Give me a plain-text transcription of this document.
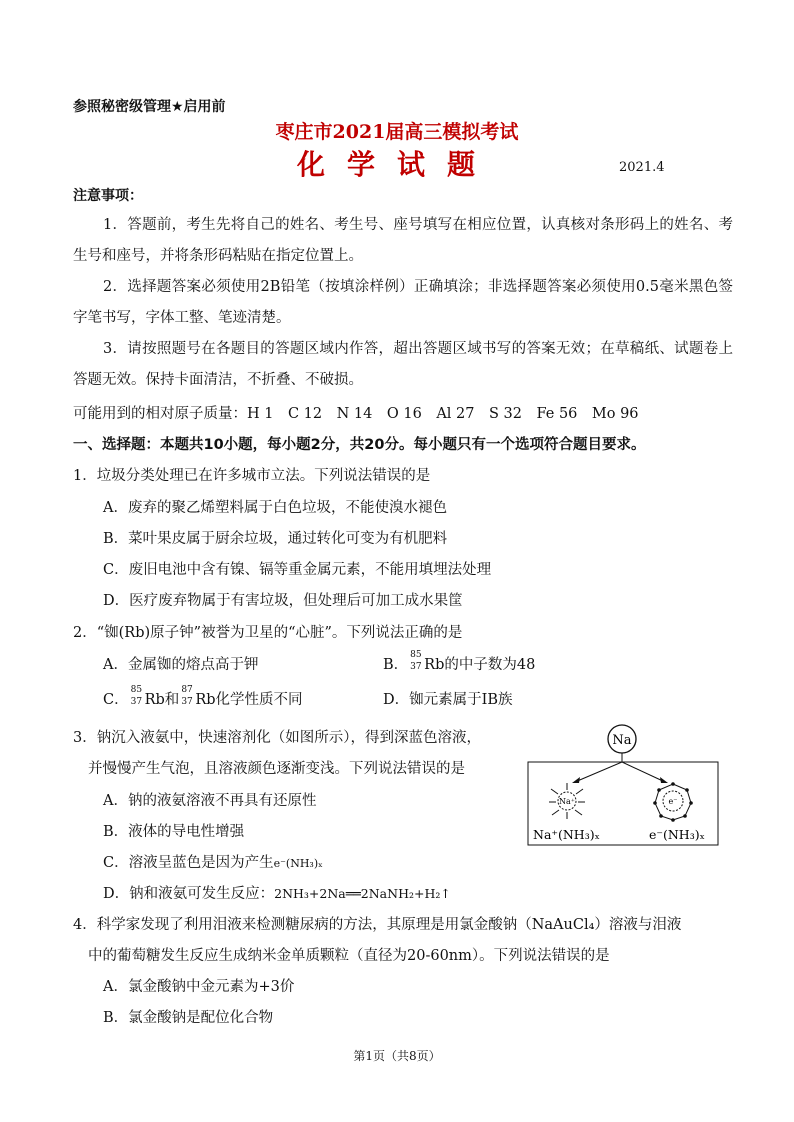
参照秘密级管理★启用前
枣庄市2021届高三模拟考试
化学试题	2021.4
注意事项：
1．答题前，考生先将自己的姓名、考生号、座号填写在相应位置，认真核对条形码上的姓名、考生号和座号，并将条形码粘贴在指定位置上。
2．选择题答案必须使用2B铅笔（按填涂样例）正确填涂；非选择题答案必须使用0.5毫米黑色签字笔书写，字体工整、笔迹清楚。
3．请按照题号在各题目的答题区域内作答，超出答题区域书写的答案无效；在草稿纸、试题卷上答题无效。保持卡面清洁，不折叠、不破损。
可能用到的相对原子质量：H 1　C 12　N 14　O 16　Al 27　S 32　Fe 56　Mo 96
一、选择题：本题共10小题，每小题2分，共20分。每小题只有一个选项符合题目要求。
1．垃圾分类处理已在许多城市立法。下列说法错误的是
A．废弃的聚乙烯塑料属于白色垃圾，不能使溴水褪色
B．菜叶果皮属于厨余垃圾，通过转化可变为有机肥料
C．废旧电池中含有镍、镉等重金属元素，不能用填埋法处理
D．医疗废弃物属于有害垃圾，但处理后可加工成水果筐
2．“铷(Rb)原子钟”被誉为卫星的“心脏”。下列说法正确的是
A．金属铷的熔点高于钾	B．
85
37 Rb的中子数为48
C．
85
37 Rb和
87
37 Rb化学性质不同	D．铷元素属于ⅠB族
3．钠沉入液氨中，快速溶剂化（如图所示），得到深蓝色溶液，
并慢慢产生气泡，且溶液颜色逐渐变浅。下列说法错误的是
A．钠的液氨溶液不再具有还原性
B．液体的导电性增强
C．溶液呈蓝色是因为产生e⁻(NH₃)ₓ
D．钠和液氨可发生反应：2NH₃+2Na══2NaNH₂+H₂↑
Na
Na⁺	e⁻
Na⁺(NH₃)ₓ	e⁻(NH₃)ₓ
4．科学家发现了利用泪液来检测糖尿病的方法，其原理是用氯金酸钠（NaAuCl₄）溶液与泪液
中的葡萄糖发生反应生成纳米金单质颗粒（直径为20-60nm）。下列说法错误的是
A．氯金酸钠中金元素为+3价
B．氯金酸钠是配位化合物
第1页（共8页）
